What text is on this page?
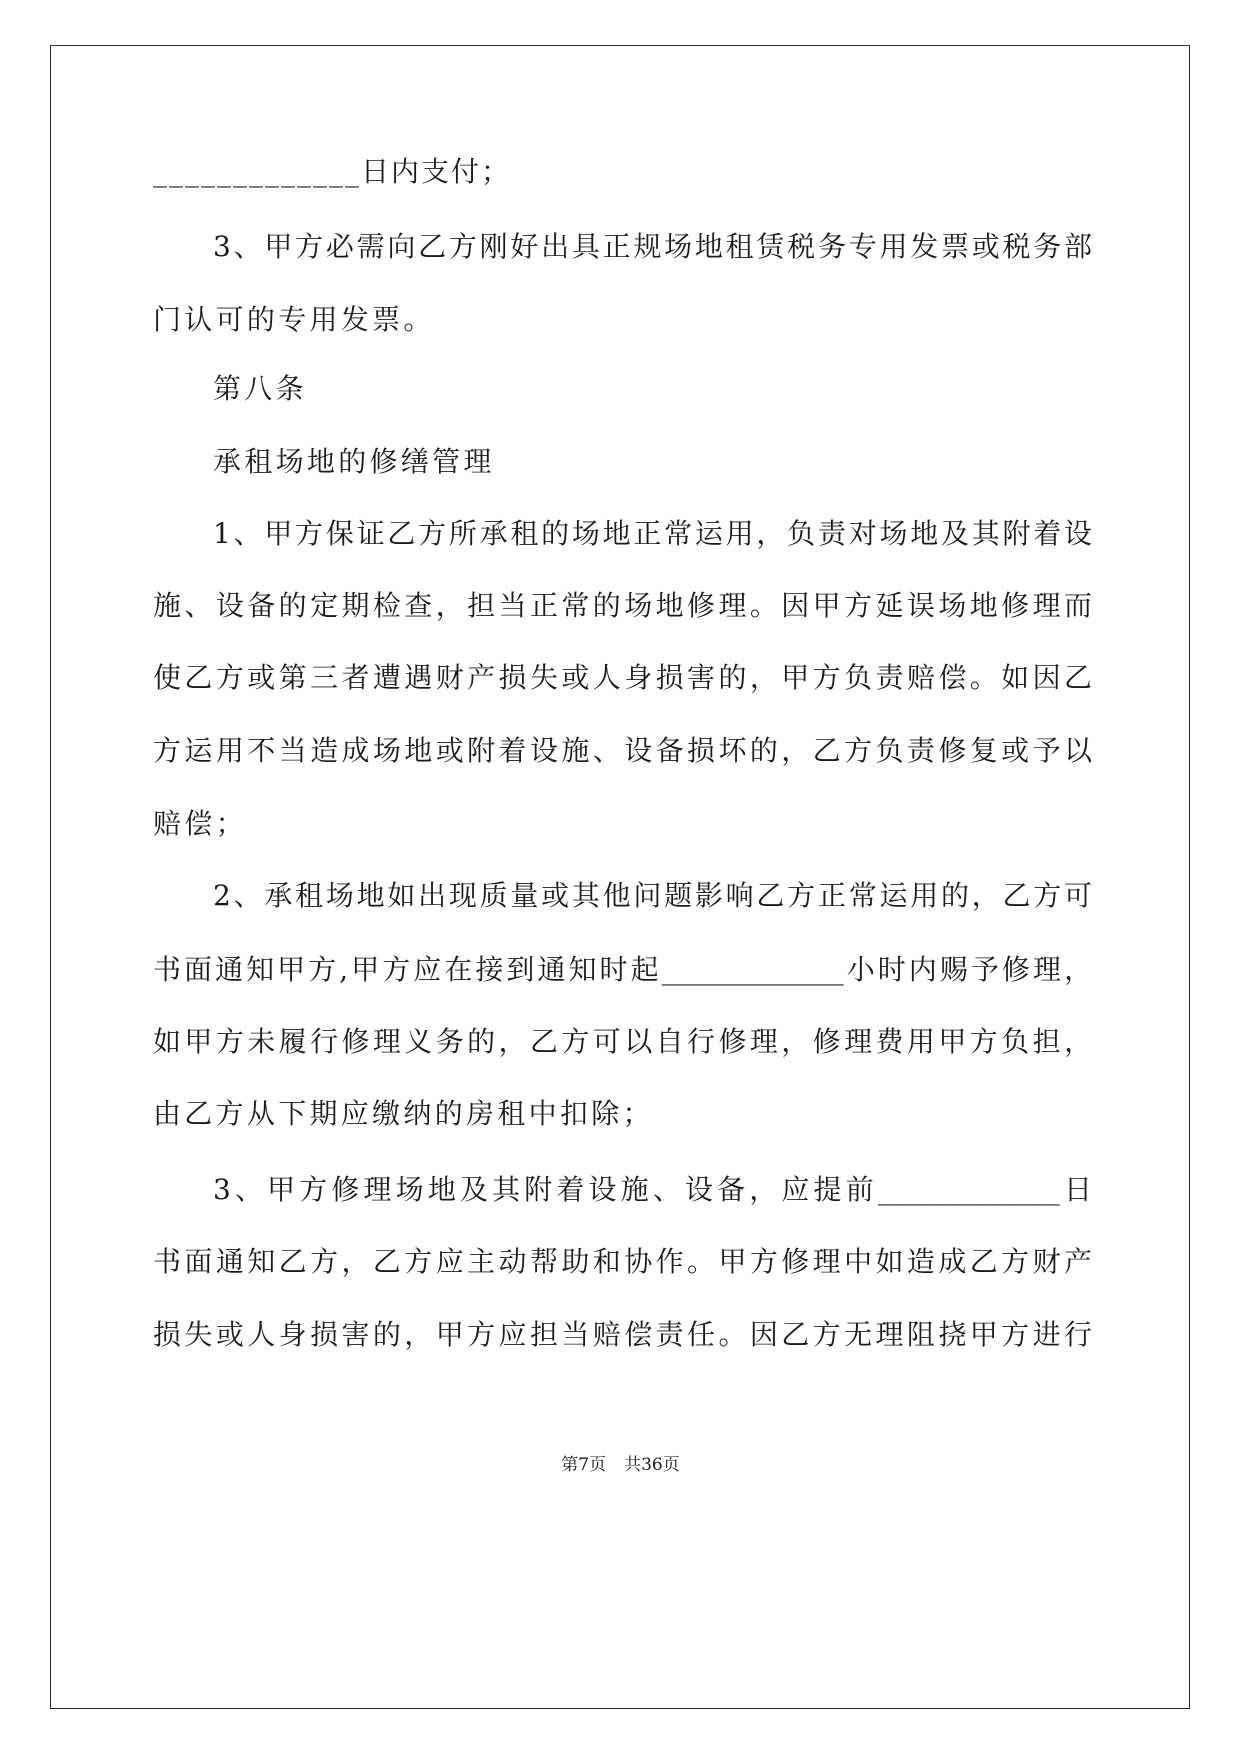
_____________日内支付；
3、甲方必需向乙方刚好出具正规场地租赁税务专用发票或税务部
门认可的专用发票。
第八条
承租场地的修缮管理
1、甲方保证乙方所承租的场地正常运用，负责对场地及其附着设
施、设备的定期检查，担当正常的场地修理。因甲方延误场地修理而
使乙方或第三者遭遇财产损失或人身损害的，甲方负责赔偿。如因乙
方运用不当造成场地或附着设施、设备损坏的，乙方负责修复或予以
赔偿；
2、承租场地如出现质量或其他问题影响乙方正常运用的，乙方可
书面通知甲方,甲方应在接到通知时起_____________小时内赐予修理，
如甲方未履行修理义务的，乙方可以自行修理，修理费用甲方负担，
由乙方从下期应缴纳的房租中扣除；
3、甲方修理场地及其附着设施、设备，应提前_____________日
书面通知乙方，乙方应主动帮助和协作。甲方修理中如造成乙方财产
损失或人身损害的，甲方应担当赔偿责任。因乙方无理阻挠甲方进行
第7页 共36页
